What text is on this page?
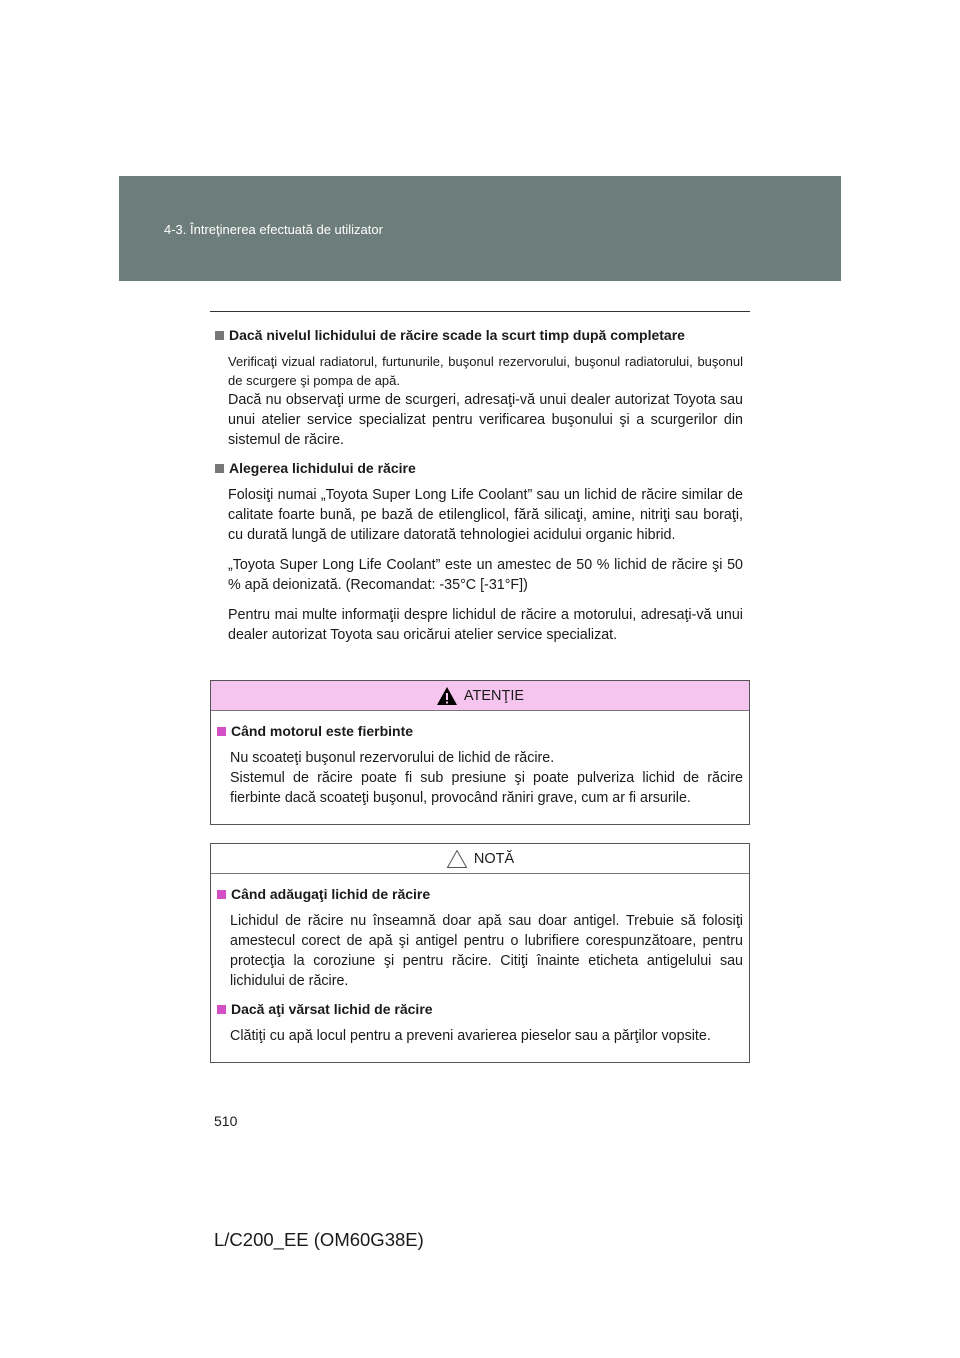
4-3. Întreţinerea efectuată de utilizator
Dacă nivelul lichidului de răcire scade la scurt timp după completare
Verificaţi vizual radiatorul, furtunurile, buşonul rezervorului, buşonul radiatorului, buşonul de scurgere şi pompa de apă.
Dacă nu observaţi urme de scurgeri, adresaţi-vă unui dealer autorizat Toyota sau unui atelier service specializat pentru verificarea buşonului şi a scurgerilor din sistemul de răcire.
Alegerea lichidului de răcire
Folosiţi numai „Toyota Super Long Life Coolant” sau un lichid de răcire similar de calitate foarte bună, pe bază de etilenglicol, fără silicaţi, amine, nitriţi sau boraţi, cu durată lungă de utilizare datorată tehnologiei acidului organic hibrid.
„Toyota Super Long Life Coolant” este un amestec de 50 % lichid de răcire şi 50 % apă deionizată. (Recomandat: -35°C [-31°F])
Pentru mai multe informaţii despre lichidul de răcire a motorului, adresaţi-vă unui dealer autorizat Toyota sau oricărui atelier service specializat.
ATENŢIE
Când motorul este fierbinte
Nu scoateţi buşonul rezervorului de lichid de răcire.
Sistemul de răcire poate fi sub presiune şi poate pulveriza lichid de răcire fierbinte dacă scoateţi buşonul, provocând răniri grave, cum ar fi arsurile.
NOTĂ
Când adăugaţi lichid de răcire
Lichidul de răcire nu înseamnă doar apă sau doar antigel. Trebuie să folosiţi amestecul corect de apă şi antigel pentru o lubrifiere corespunzătoare, pentru protecţia la coroziune şi pentru răcire. Citiţi înainte eticheta antigelului sau lichidului de răcire.
Dacă aţi vărsat lichid de răcire
Clătiţi cu apă locul pentru a preveni avarierea pieselor sau a părţilor vopsite.
510
L/C200_EE (OM60G38E)
